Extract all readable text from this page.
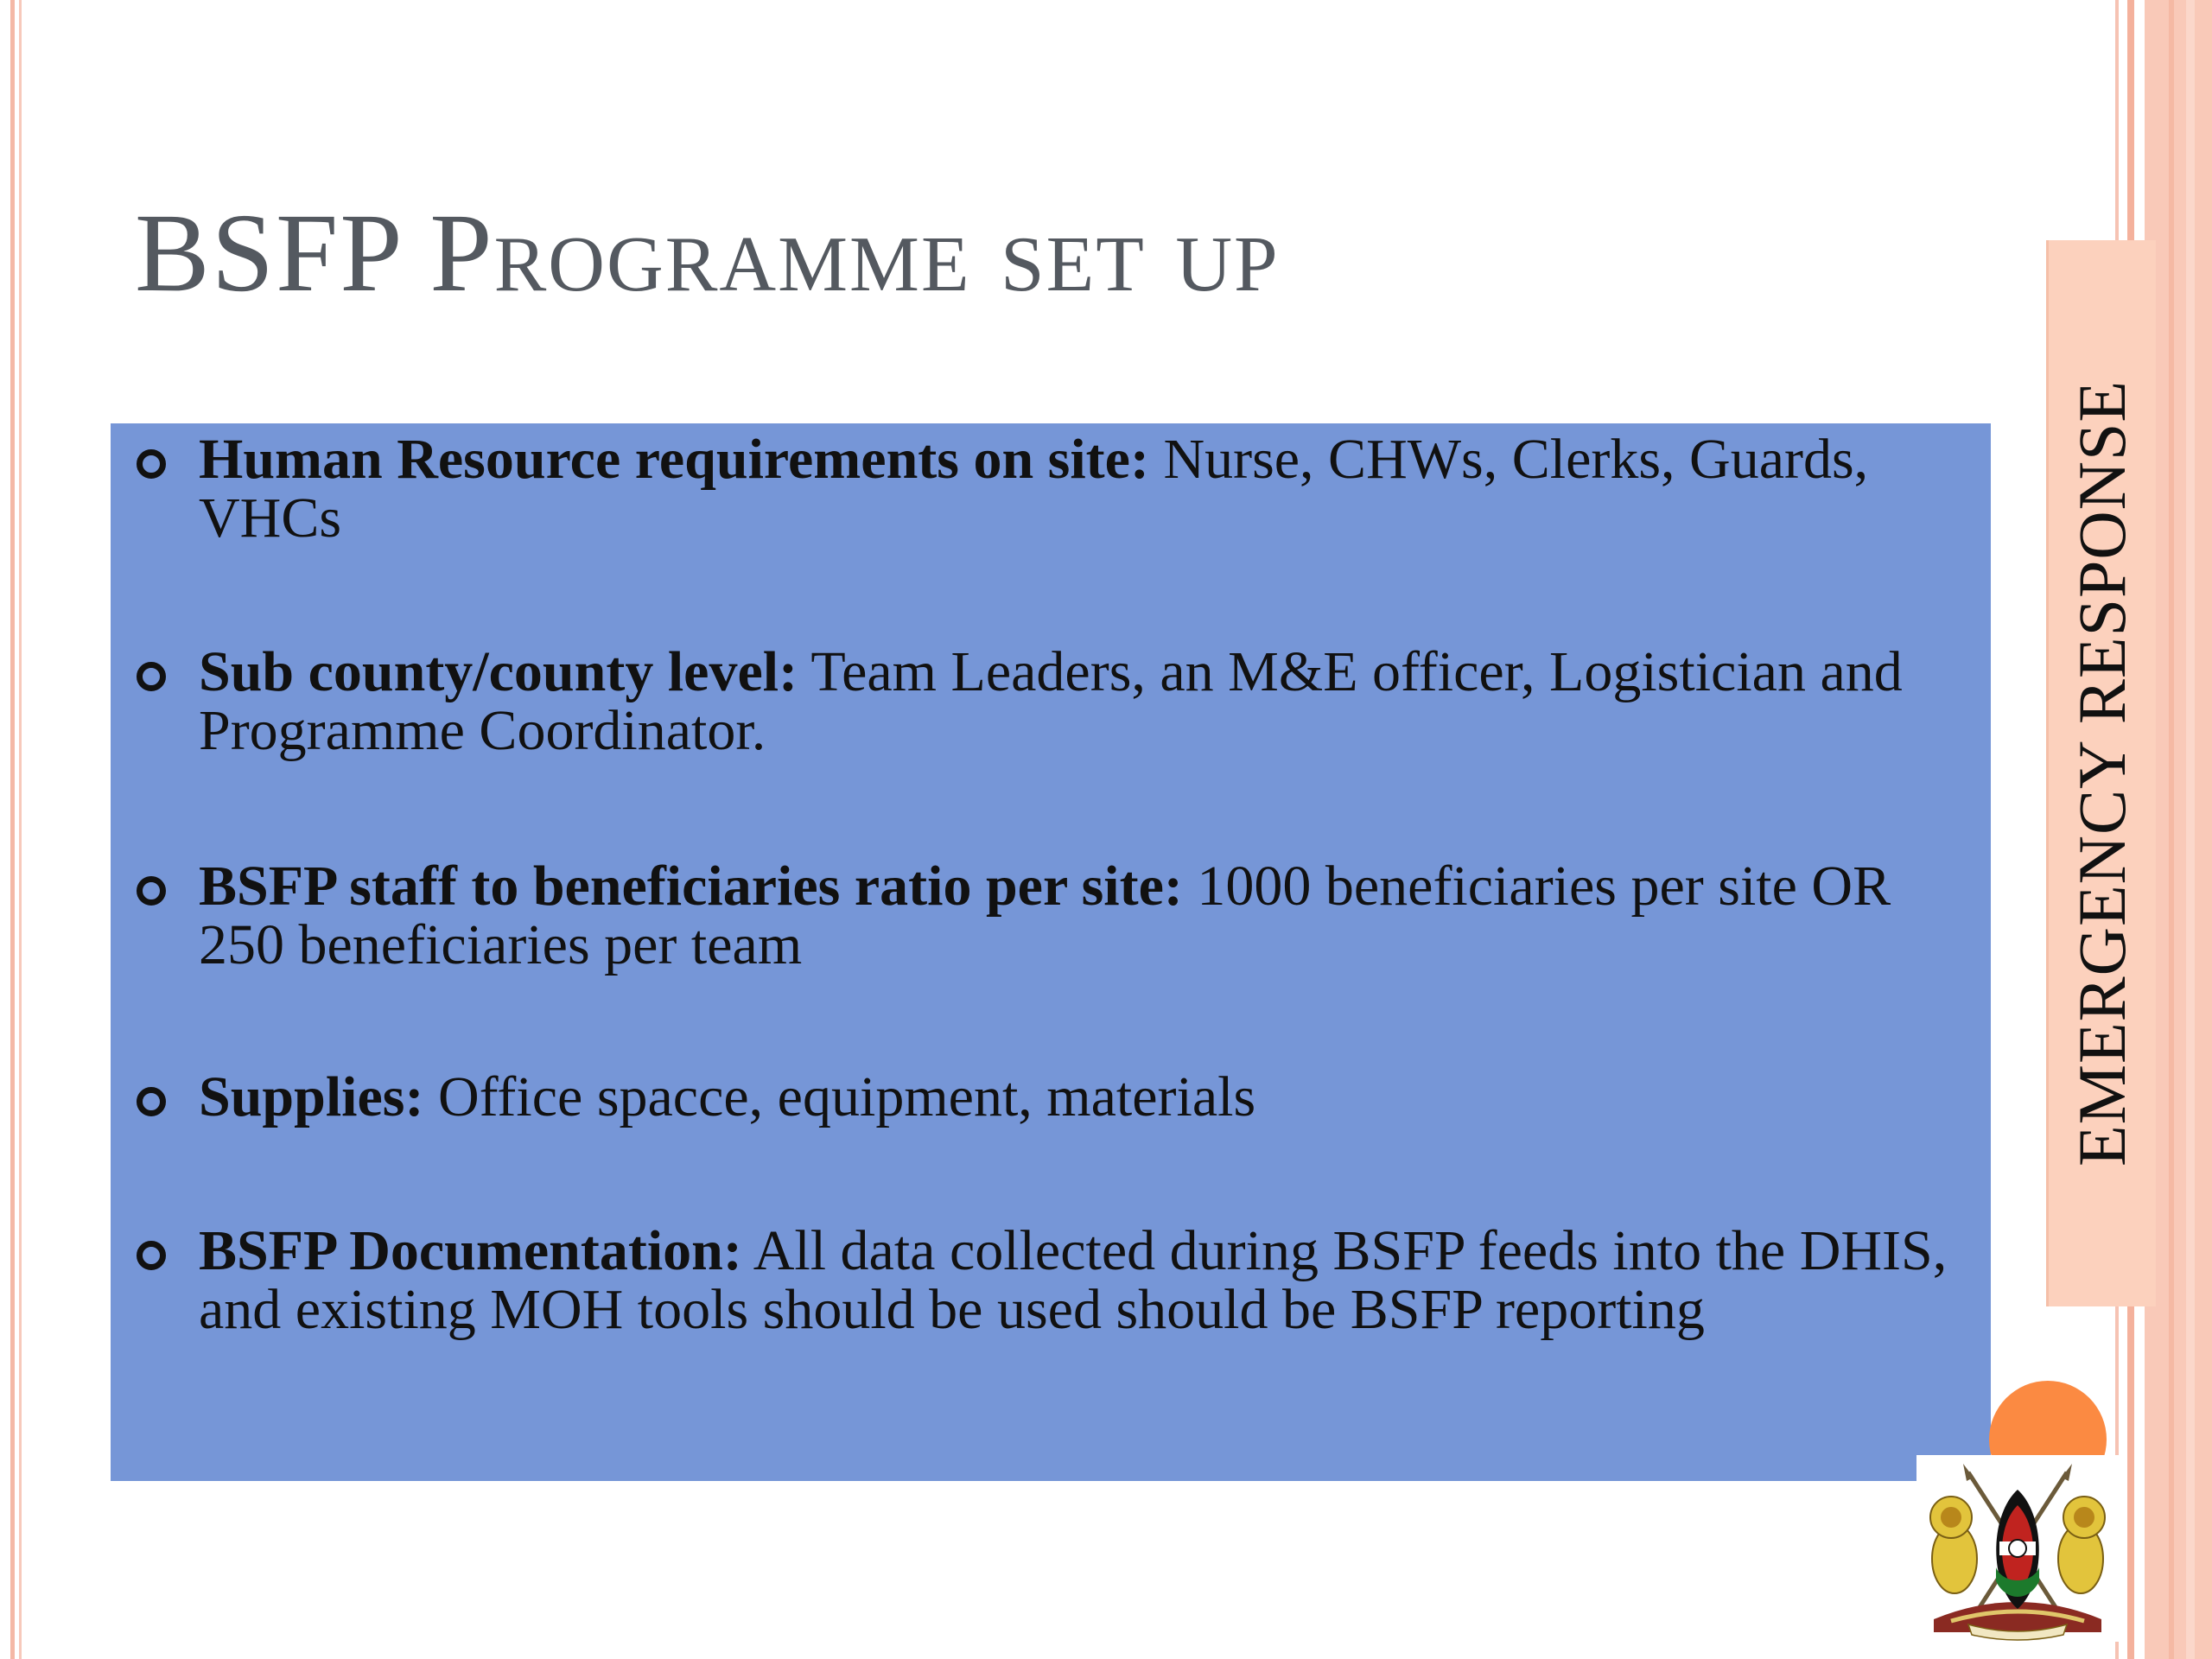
EMERGENCY RESPONSE
BSFP Programme set up
Human Resource requirements on site: Nurse, CHWs, Clerks, Guards, VHCs
Sub county/county level: Team Leaders, an M&E officer, Logistician and Programme Coordinator.
BSFP staff to beneficiaries ratio per site: 1000 beneficiaries per site OR 250 beneficiaries per team
Supplies: Office spacce, equipment, materials
BSFP Documentation: All data collected during BSFP feeds into the DHIS, and existing MOH tools should be used should be BSFP reporting
